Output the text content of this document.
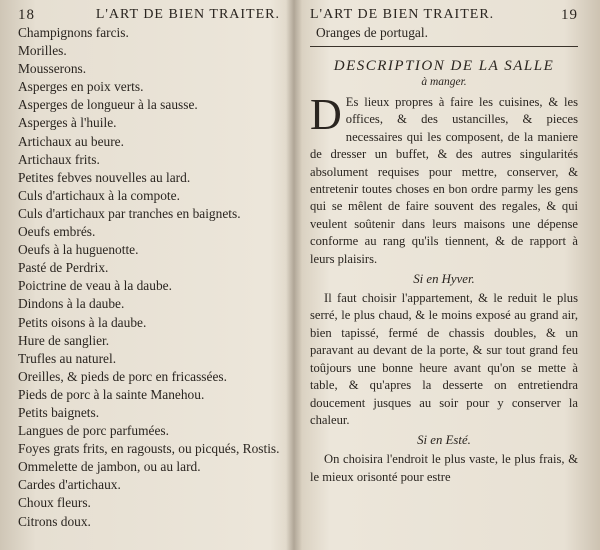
18	L'ART DE BIEN TRAITER.
Champignons farcis.
Morilles.
Mousserons.
Asperges en poix verts.
Asperges de longueur à la sausse.
Asperges à l'huile.
Artichaux au beure.
Artichaux frits.
Petites febves nouvelles au lard.
Culs d'artichaux à la compote.
Culs d'artichaux par tranches en baignets.
Oeufs embrés.
Oeufs à la huguenotte.
Pasté de Perdrix.
Poictrine de veau à la daube.
Dindons à la daube.
Petits oisons à la daube.
Hure de sanglier.
Trufles au naturel.
Oreilles, & pieds de porc en fricassées.
Pieds de porc à la sainte Manehou.
Petits baignets.
Langues de porc parfumées.
Foyes grats frits, en ragousts, ou picqués, Rostis.
Ommelette de jambon, ou au lard.
Cardes d'artichaux.
Choux fleurs.
Citrons doux.
L'ART DE BIEN TRAITER.	19
Oranges de portugal.
DESCRIPTION DE LA SALLE
à manger.

D Es lieux propres à faire les cuisines, & les offices, & des ustancilles, & pieces necessaires qui les composent, de la maniere de dresser un buffet, & des autres singularités absolument requises pour mettre, conserver, & entretenir toutes choses en bon ordre parmy les gens qui se mêlent de faire souvent des regales, & qui veulent soûtenir dans leurs maisons une dépense conforme au rang qu'ils tiennent, & de rapport à leurs plaisirs.

Si en Hyver.

Il faut choisir l'appartement, & le reduit le plus serré, le plus chaud, & le moins exposé au grand air, bien tapissé, fermé de chassis doubles, & un paravant au devant de la porte, & sur tout grand feu toûjours une bonne heure avant qu'on se mette à table, & qu'apres la desserte on entretiendra doucement jusques au soir pour y conserver la chaleur.

Si en Esté.

On choisira l'endroit le plus vaste, le plus frais, & le mieux orisonté pour estre
